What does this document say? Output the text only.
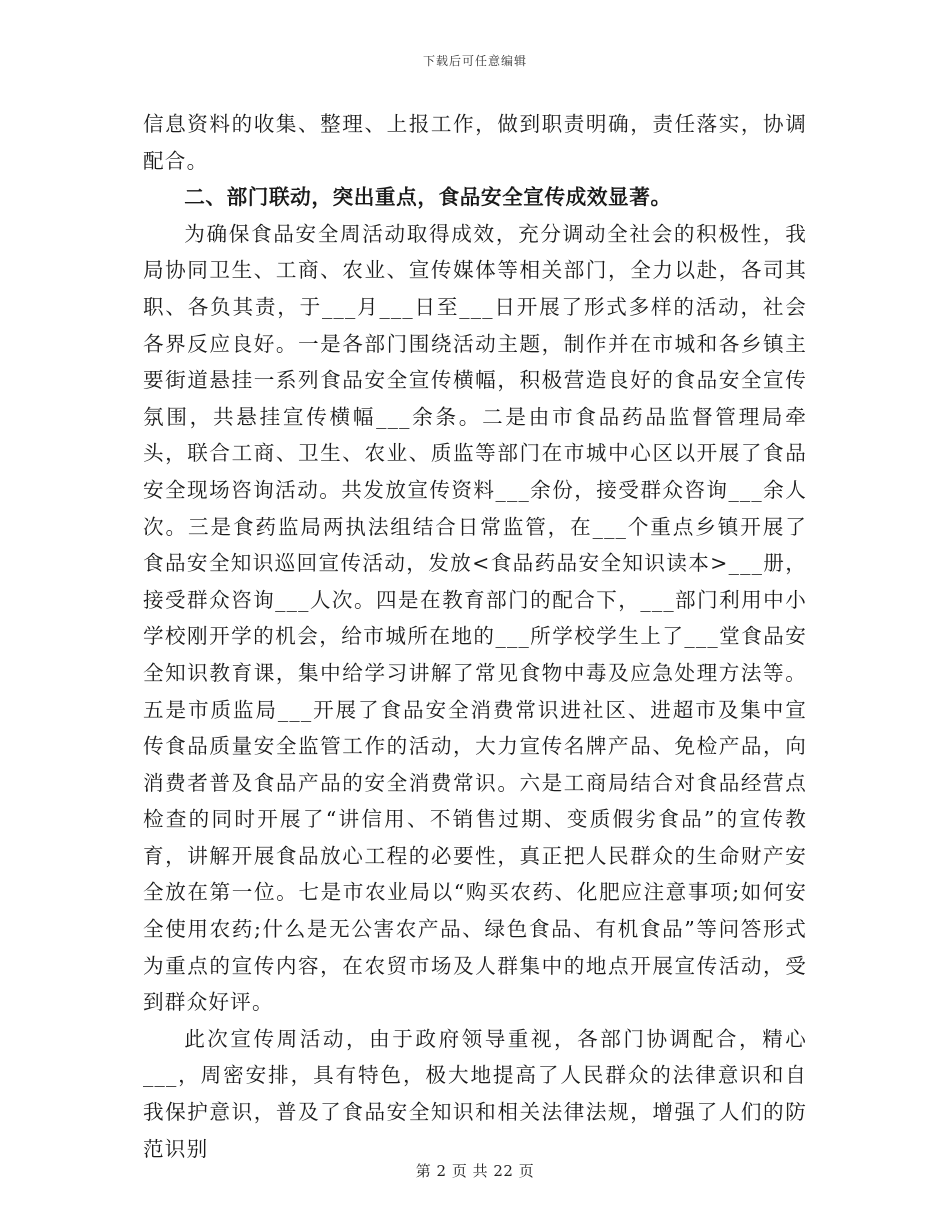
下载后可任意编辑

信息资料的收集、整理、上报工作，做到职责明确，责任落实，协调配合。

二、部门联动，突出重点，食品安全宣传成效显著。

为确保食品安全周活动取得成效，充分调动全社会的积极性，我局协同卫生、工商、农业、宣传媒体等相关部门，全力以赴，各司其职、各负其责，于___月___日至___日开展了形式多样的活动，社会各界反应良好。一是各部门围绕活动主题，制作并在市城和各乡镇主要街道悬挂一系列食品安全宣传横幅，积极营造良好的食品安全宣传氛围，共悬挂宣传横幅___余条。二是由市食品药品监督管理局牵头，联合工商、卫生、农业、质监等部门在市城中心区以开展了食品安全现场咨询活动。共发放宣传资料___余份，接受群众咨询___余人次。三是食药监局两执法组结合日常监管，在___个重点乡镇开展了食品安全知识巡回宣传活动，发放<食品药品安全知识读本>___册，接受群众咨询___人次。四是在教育部门的配合下，___部门利用中小学校刚开学的机会，给市城所在地的___所学校学生上了___堂食品安全知识教育课，集中给学习讲解了常见食物中毒及应急处理方法等。五是市质监局___开展了食品安全消费常识进社区、进超市及集中宣传食品质量安全监管工作的活动，大力宣传名牌产品、免检产品，向消费者普及食品产品的安全消费常识。六是工商局结合对食品经营点检查的同时开展了“讲信用、不销售过期、变质假劣食品”的宣传教育，讲解开展食品放心工程的必要性，真正把人民群众的生命财产安全放在第一位。七是市农业局以“购买农药、化肥应注意事项;如何安全使用农药;什么是无公害农产品、绿色食品、有机食品”等问答形式为重点的宣传内容，在农贸市场及人群集中的地点开展宣传活动，受到群众好评。

此次宣传周活动，由于政府领导重视，各部门协调配合，精心___，周密安排，具有特色，极大地提高了人民群众的法律意识和自我保护意识，普及了食品安全知识和相关法律法规，增强了人们的防范识别

第 2 页 共 22 页
